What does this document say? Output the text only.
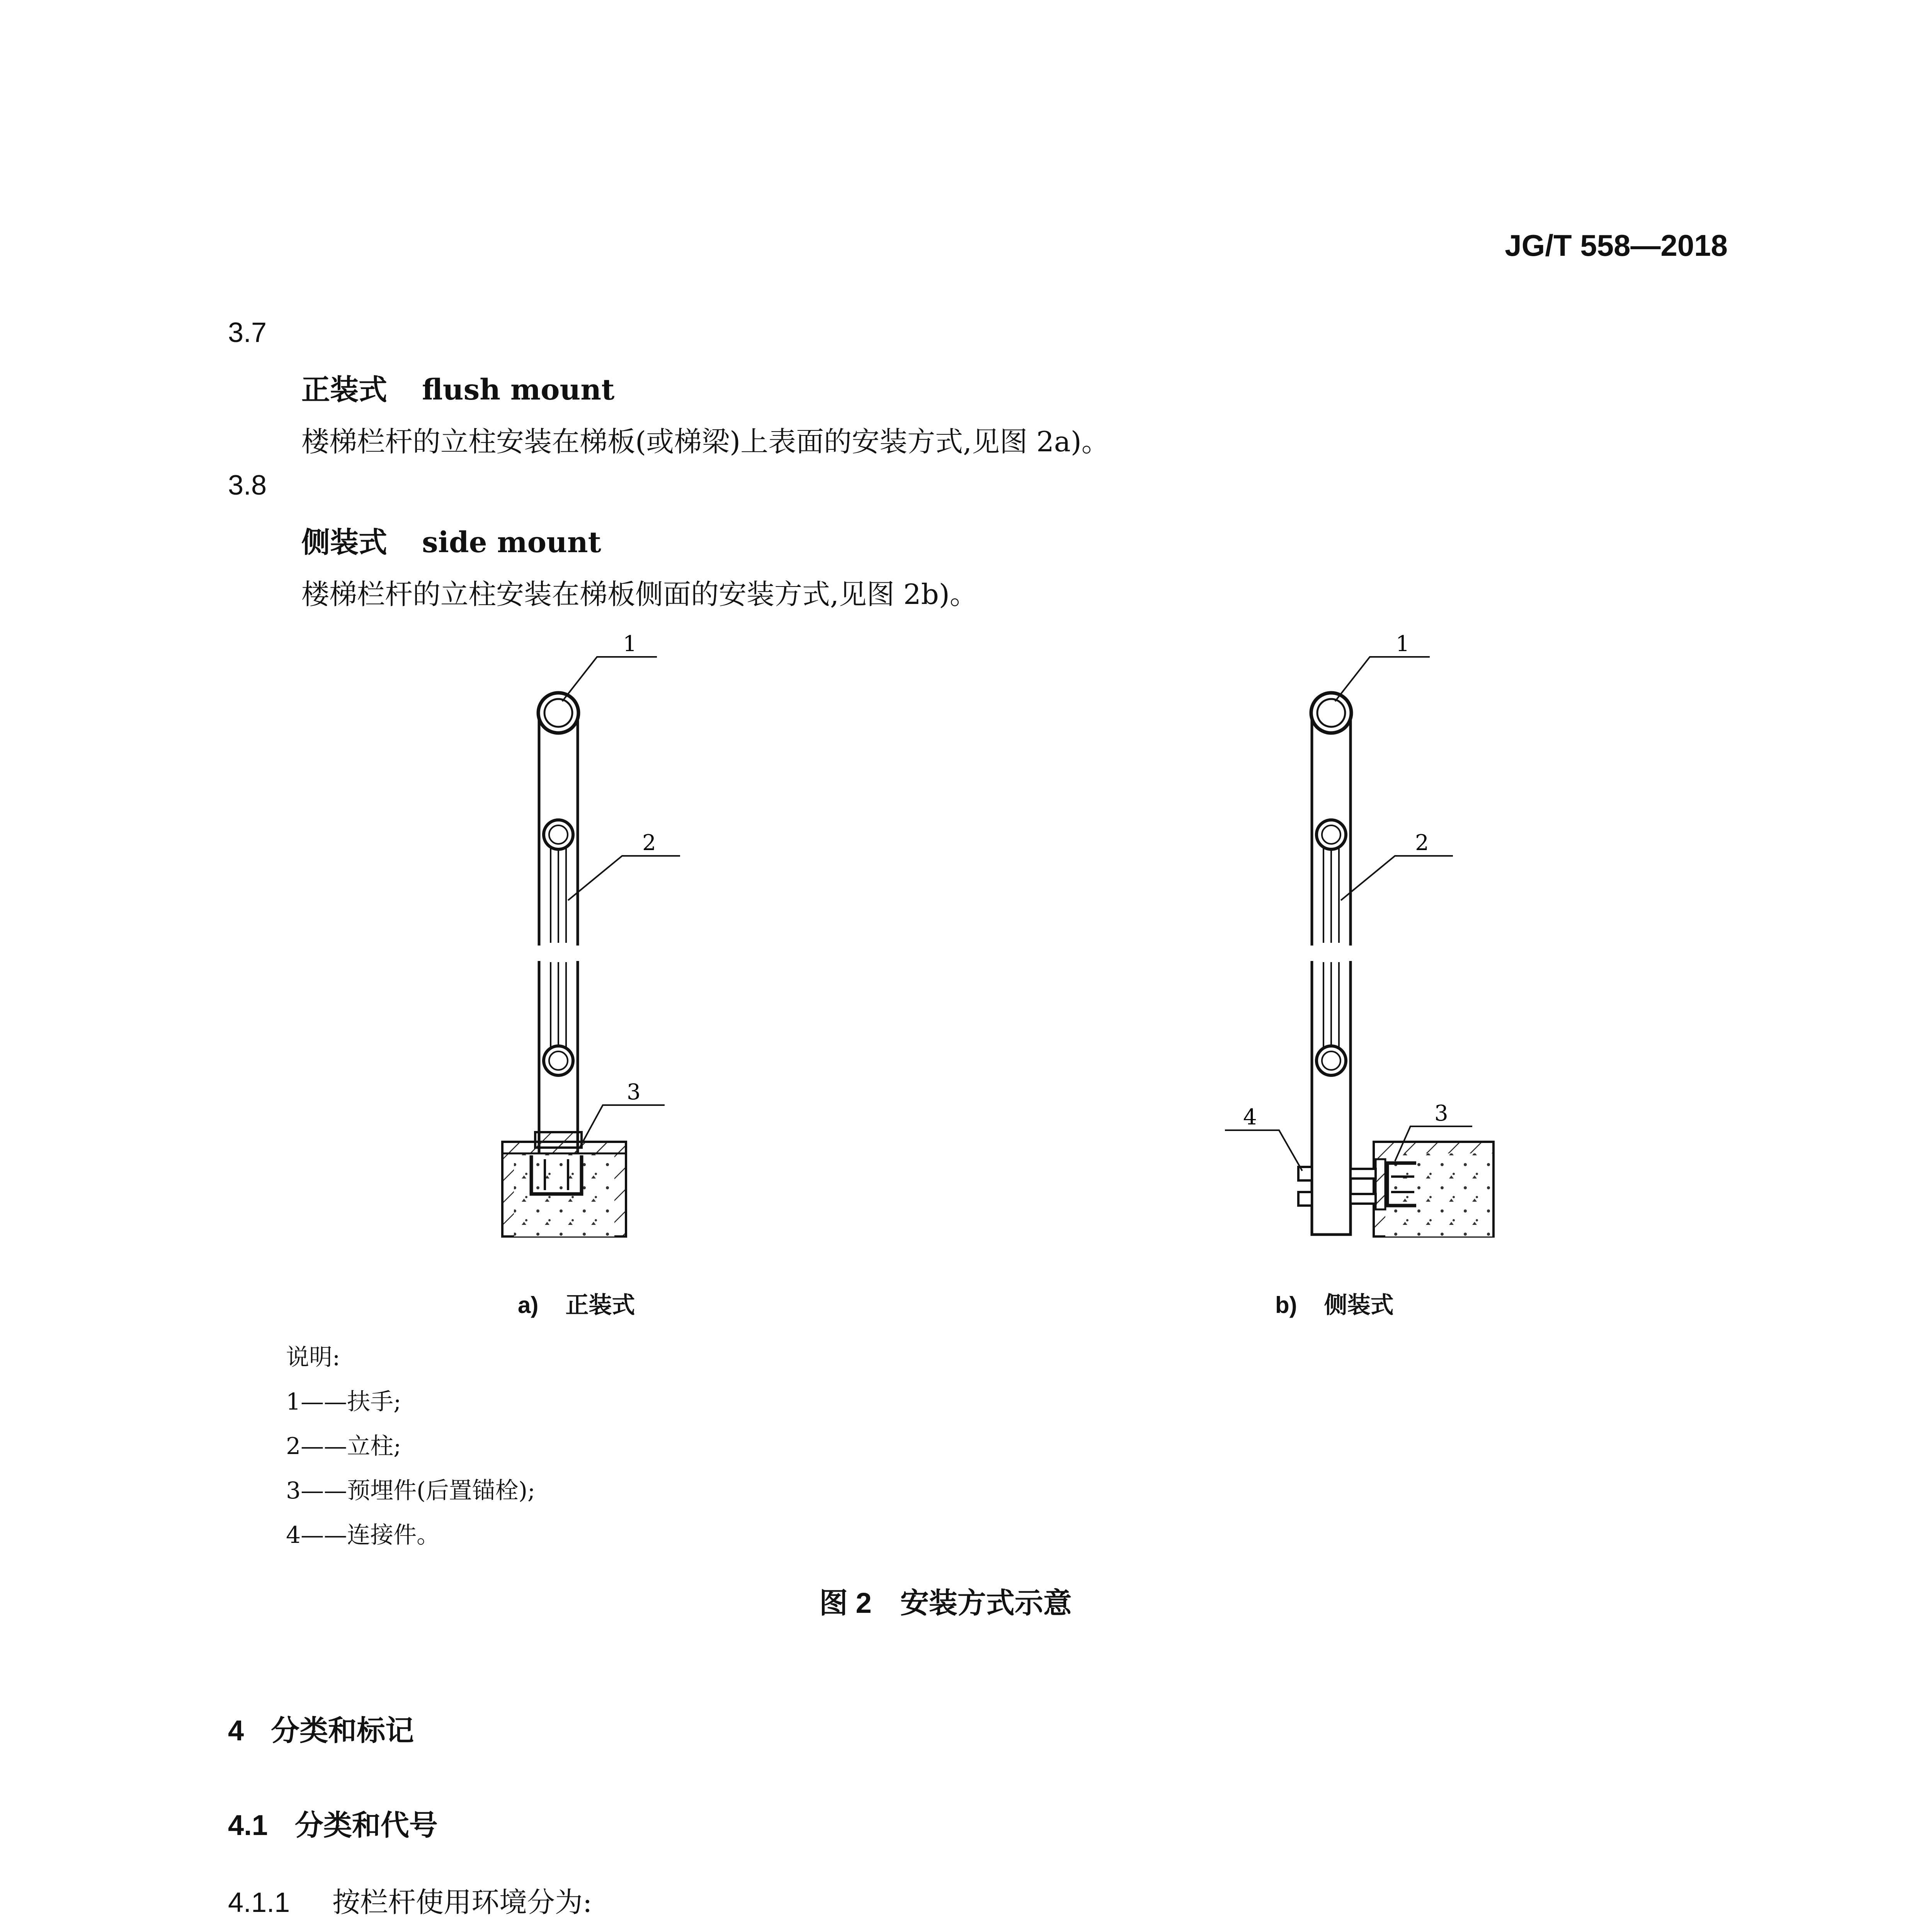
JG/T 558—2018
3.7
正装式 flush mount
楼梯栏杆的立柱安装在梯板(或梯梁)上表面的安装方式,见图 2a)。
3.8
侧装式 side mount
楼梯栏杆的立柱安装在梯板侧面的安装方式,见图 2b)。
1
2
3
1
2
3
4
a) 正装式	b) 侧装式
说明:
1——扶手;
2——立柱;
3——预埋件(后置锚栓);
4——连接件。
图 2　安装方式示意
4 分类和标记
4.1 分类和代号
4.1.1 按栏杆使用环境分为:
